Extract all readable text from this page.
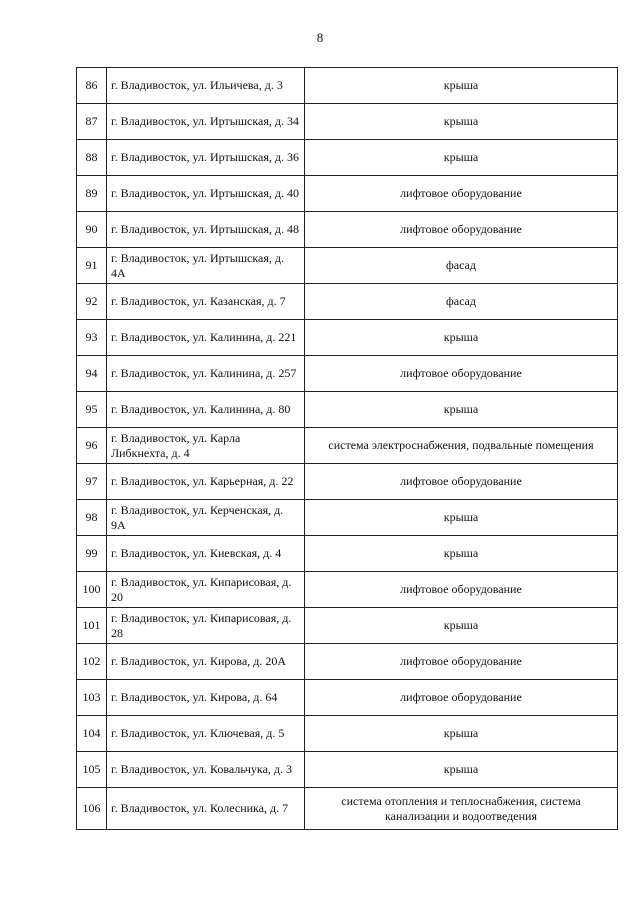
8
86	г. Владивосток, ул. Ильичева, д. 3	крыша
87	г. Владивосток, ул. Иртышская, д. 34	крыша
88	г. Владивосток, ул. Иртышская, д. 36	крыша
89	г. Владивосток, ул. Иртышская, д. 40	лифтовое оборудование
90	г. Владивосток, ул. Иртышская, д. 48	лифтовое оборудование
91	г. Владивосток, ул. Иртышская, д. 4А	фасад
92	г. Владивосток, ул. Казанская, д. 7	фасад
93	г. Владивосток, ул. Калинина, д. 221	крыша
94	г. Владивосток, ул. Калинина, д. 257	лифтовое оборудование
95	г. Владивосток, ул. Калинина, д. 80	крыша
96	г. Владивосток, ул. Карла Либкнехта, д. 4	система электроснабжения, подвальные помещения
97	г. Владивосток, ул. Карьерная, д. 22	лифтовое оборудование
98	г. Владивосток, ул. Керченская, д. 9А	крыша
99	г. Владивосток, ул. Киевская, д. 4	крыша
100	г. Владивосток, ул. Кипарисовая, д. 20	лифтовое оборудование
101	г. Владивосток, ул. Кипарисовая, д. 28	крыша
102	г. Владивосток, ул. Кирова, д. 20А	лифтовое оборудование
103	г. Владивосток, ул. Кирова, д. 64	лифтовое оборудование
104	г. Владивосток, ул. Ключевая, д. 5	крыша
105	г. Владивосток, ул. Ковальчука, д. 3	крыша
106	г. Владивосток, ул. Колесника, д. 7	система отопления и теплоснабжения, система канализации и водоотведения
